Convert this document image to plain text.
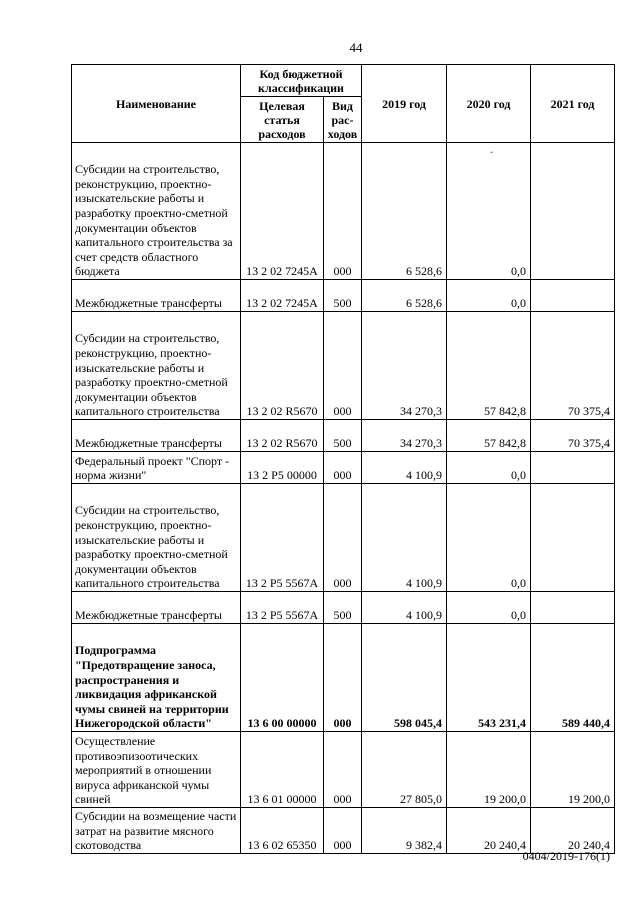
44
ˇ
Наименование	Код бюджетной классификации		2019 год	2020 год	2021 год
	Целевая статья расходов	Вид рас-ходов			
Субсидии на строительство, реконструкцию, проектно-изыскательские работы и разработку проектно-сметной документации объектов капитального строительства за счет средств областного бюджета	13 2 02 7245A	000	6 528,6	0,0	
Межбюджетные трансферты	13 2 02 7245A	500	6 528,6	0,0	
Субсидии на строительство, реконструкцию, проектно-изыскательские работы и разработку проектно-сметной документации объектов капитального строительства	13 2 02 R5670	000	34 270,3	57 842,8	70 375,4
Межбюджетные трансферты	13 2 02 R5670	500	34 270,3	57 842,8	70 375,4
Федеральный проект "Спорт - норма жизни"	13 2 P5 00000	000	4 100,9	0,0	
Субсидии на строительство, реконструкцию, проектно-изыскательские работы и разработку проектно-сметной документации объектов капитального строительства	13 2 P5 5567A	000	4 100,9	0,0	
Межбюджетные трансферты	13 2 P5 5567A	500	4 100,9	0,0	
Подпрограмма "Предотвращение заноса, распространения и ликвидация африканской чумы свиней на территории Нижегородской области"	13 6 00 00000	000	598 045,4	543 231,4	589 440,4
Осуществление противоэпизоотических мероприятий в отношении вируса африканской чумы свиней	13 6 01 00000	000	27 805,0	19 200,0	19 200,0
Субсидии на возмещение части затрат на развитие мясного скотоводства	13 6 02 65350	000	9 382,4	20 240,4	20 240,4
0404/2019-176(1)
